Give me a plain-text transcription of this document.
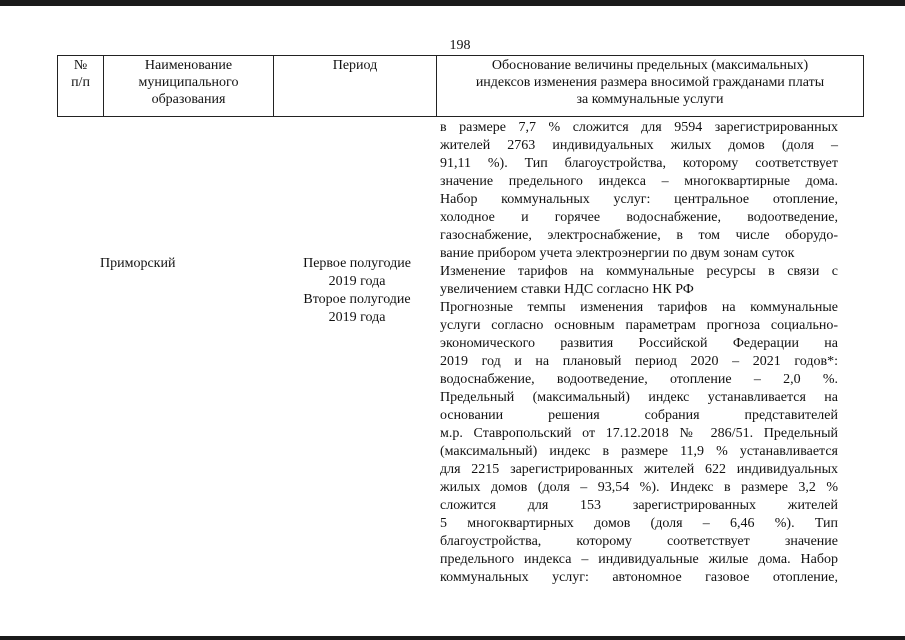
198
№
п/п
Наименование
муниципального
образования
Период	Обоснование величины предельных (максимальных)
индексов изменения размера вносимой гражданами платы
за коммунальные услуги
Приморский	Первое полугодие
2019 года
Второе полугодие
2019 года
в размере 7,7 % сложится для 9594 зарегистрированных
жителей 2763 индивидуальных жилых домов (доля –
91,11 %). Тип благоустройства, которому соответствует
значение предельного индекса – многоквартирные дома.
Набор коммунальных услуг: центральное отопление,
холодное и горячее водоснабжение, водоотведение,
газоснабжение, электроснабжение, в том числе оборудо-
вание прибором учета электроэнергии по двум зонам суток
Изменение тарифов на коммунальные ресурсы в связи с
увеличением ставки НДС согласно НК РФ
Прогнозные темпы изменения тарифов на коммунальные
услуги согласно основным параметрам прогноза социально-
экономического развития Российской Федерации на
2019 год и на плановый период 2020 – 2021 годов*:
водоснабжение, водоотведение, отопление – 2,0 %.
Предельный (максимальный) индекс устанавливается на
основании решения собрания представителей
м.р. Ставропольский от 17.12.2018 № 286/51. Предельный
(максимальный) индекс в размере 11,9 % устанавливается
для 2215 зарегистрированных жителей 622 индивидуальных
жилых домов (доля – 93,54 %). Индекс в размере 3,2 %
сложится для 153 зарегистрированных жителей
5 многоквартирных домов (доля – 6,46 %). Тип
благоустройства, которому соответствует значение
предельного индекса – индивидуальные жилые дома. Набор
коммунальных услуг: автономное газовое отопление,
